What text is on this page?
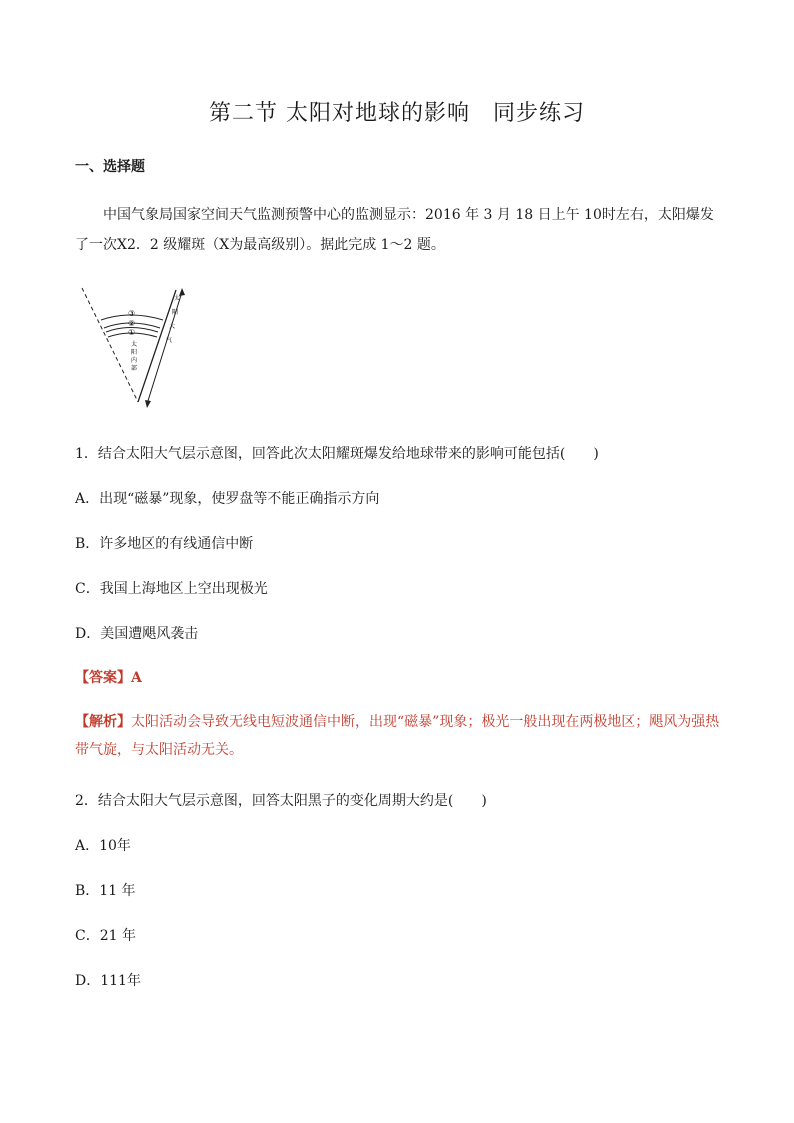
第二节 太阳对地球的影响　同步练习
一、选择题
中国气象局国家空间天气监测预警中心的监测显示：2016 年 3 月 18 日上午 10时左右，太阳爆发了一次X2．2 级耀斑（X为最高级别）。据此完成 1～2 题。
③
②
①
太
阳
内
部
太
阳
大
气
1．结合太阳大气层示意图，回答此次太阳耀斑爆发给地球带来的影响可能包括(　　)
A．出现“磁暴”现象，使罗盘等不能正确指示方向
B．许多地区的有线通信中断
C．我国上海地区上空出现极光
D．美国遭飓风袭击
【答案】A
【解析】太阳活动会导致无线电短波通信中断，出现“磁暴”现象；极光一般出现在两极地区；飓风为强热带气旋，与太阳活动无关。
2．结合太阳大气层示意图，回答太阳黑子的变化周期大约是(　　)
A．10年
B．11 年
C．21 年
D．111年
